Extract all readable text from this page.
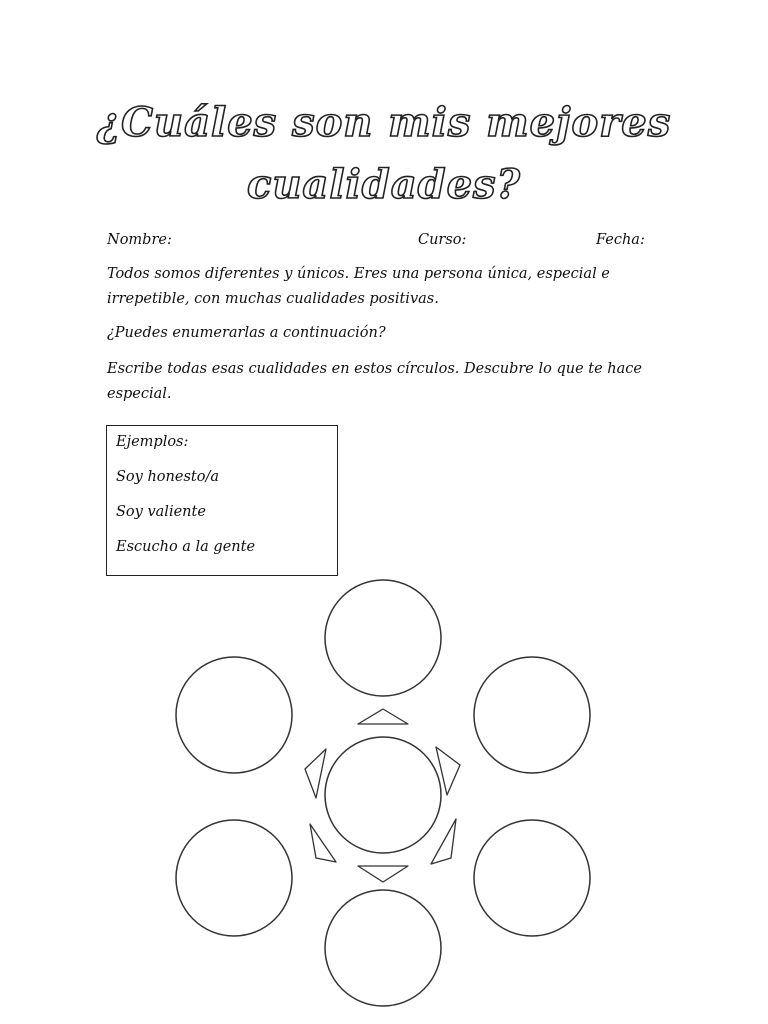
¿Cuáles son mis mejores
cualidades?

Nombre:	Curso:	Fecha:

Todos somos diferentes y únicos. Eres una persona única, especial e irrepetible, con muchas cualidades positivas.

¿Puedes enumerarlas a continuación?

Escribe todas esas cualidades en estos círculos. Descubre lo que te hace especial.

Ejemplos:

Soy honesto/a

Soy valiente

Escucho a la gente
